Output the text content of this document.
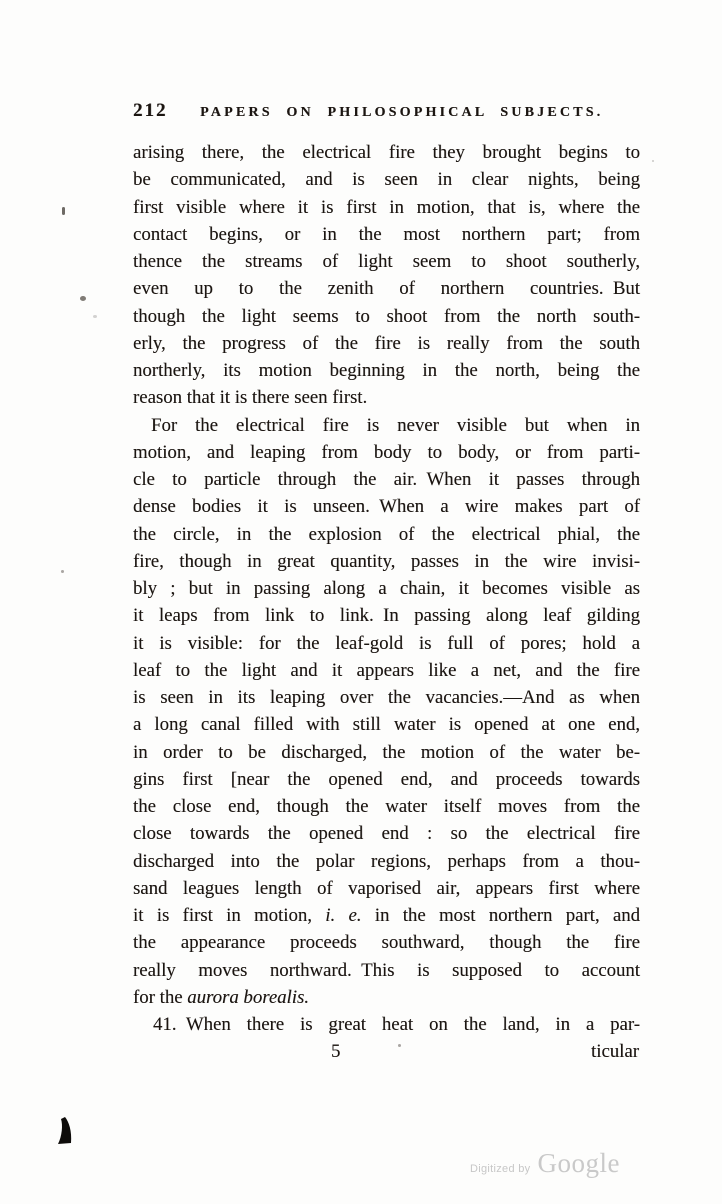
212	PAPERS ON PHILOSOPHICAL SUBJECTS.
arising there, the electrical fire they brought begins to
be communicated, and is seen in clear nights, being
first visible where it is first in motion, that is, where the
contact begins, or in the most northern part; from
thence the streams of light seem to shoot southerly,
even up to the zenith of northern countries. But
though the light seems to shoot from the north south-
erly, the progress of the fire is really from the south
northerly, its motion beginning in the north, being the
reason that it is there seen first.
For the electrical fire is never visible but when in
motion, and leaping from body to body, or from parti-
cle to particle through the air. When it passes through
dense bodies it is unseen. When a wire makes part of
the circle, in the explosion of the electrical phial, the
fire, though in great quantity, passes in the wire invisi-
bly ; but in passing along a chain, it becomes visible as
it leaps from link to link. In passing along leaf gilding
it is visible: for the leaf-gold is full of pores; hold a
leaf to the light and it appears like a net, and the fire
is seen in its leaping over the vacancies.—And as when
a long canal filled with still water is opened at one end,
in order to be discharged, the motion of the water be-
gins first [near the opened end, and proceeds towards
the close end, though the water itself moves from the
close towards the opened end : so the electrical fire
discharged into the polar regions, perhaps from a thou-
sand leagues length of vaporised air, appears first where
it is first in motion, i. e. in the most northern part, and
the appearance proceeds southward, though the fire
really moves northward. This is supposed to account
for the aurora borealis.
41. When there is great heat on the land, in a par-
5	ticular
Digitized by Google
